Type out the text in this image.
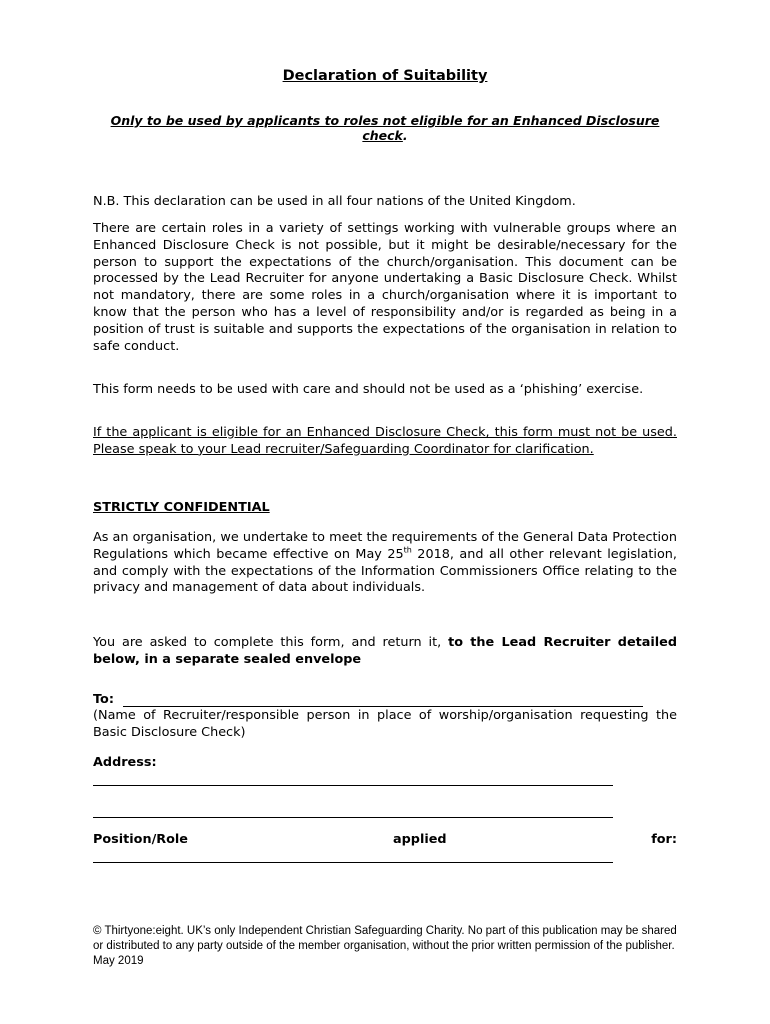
Declaration of Suitability
Only to be used by applicants to roles not eligible for an Enhanced Disclosure
check.

N.B. This declaration can be used in all four nations of the United Kingdom.

There are certain roles in a variety of settings working with vulnerable groups where an Enhanced Disclosure Check is not possible, but it might be desirable/necessary for the person to support the expectations of the church/organisation. This document can be processed by the Lead Recruiter for anyone undertaking a Basic Disclosure Check. Whilst not mandatory, there are some roles in a church/organisation where it is important to know that the person who has a level of responsibility and/or is regarded as being in a position of trust is suitable and supports the expectations of the organisation in relation to safe conduct.

This form needs to be used with care and should not be used as a ‘phishing’ exercise.

If the applicant is eligible for an Enhanced Disclosure Check, this form must not be used. Please speak to your Lead recruiter/Safeguarding Coordinator for clarification.

STRICTLY CONFIDENTIAL

As an organisation, we undertake to meet the requirements of the General Data Protection Regulations which became effective on May 25th 2018, and all other relevant legislation, and comply with the expectations of the Information Commissioners Office relating to the privacy and management of data about individuals.

You are asked to complete this form, and return it, to the Lead Recruiter detailed below, in a separate sealed envelope

To:

(Name of Recruiter/responsible person in place of worship/organisation requesting the Basic Disclosure Check)

Address:
Position/Role	applied	for:
© Thirtyone:eight. UK’s only Independent Christian Safeguarding Charity. No part of this publication may be shared or distributed to any party outside of the member organisation, without the prior written permission of the publisher. May 2019
